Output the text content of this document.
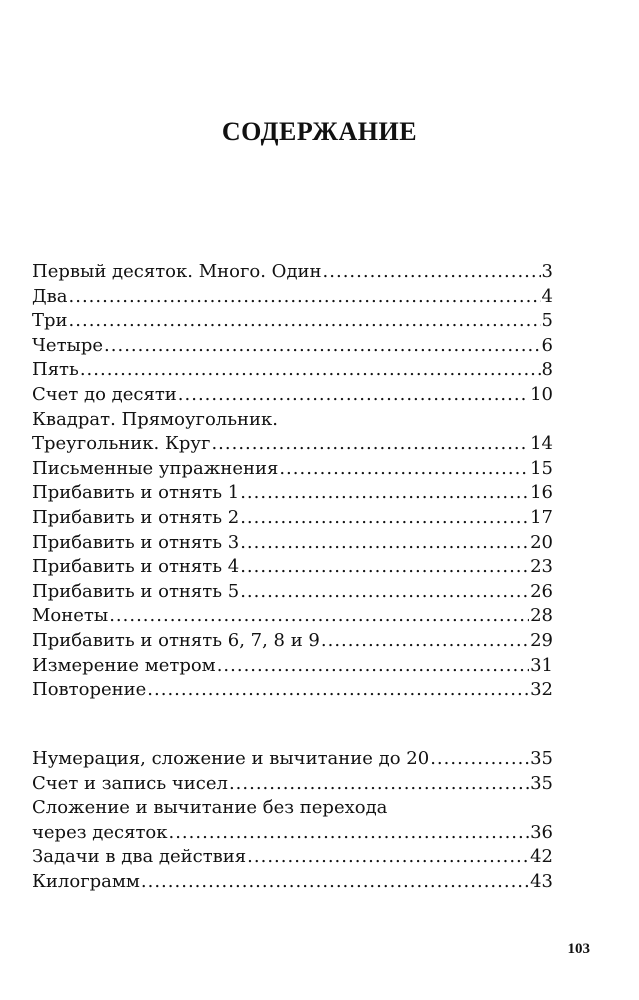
СОДЕРЖАНИЕ
Первый десяток. Много. Один .....	3
Два .....	4
Три .....	5
Четыре .....	6
Пять .....	8
Счет до десяти .....	10
Квадрат. Прямоугольник.
Треугольник. Круг .....	14
Письменные упражнения .....	15
Прибавить и отнять 1 .....	16
Прибавить и отнять 2 .....	17
Прибавить и отнять 3 .....	20
Прибавить и отнять 4 .....	23
Прибавить и отнять 5 .....	26
Монеты .....	28
Прибавить и отнять 6, 7, 8 и 9 .....	29
Измерение метром .....	31
Повторение .....	32
Нумерация, сложение и вычитание до 20 .....	35
Счет и запись чисел .....	35
Сложение и вычитание без перехода
через десяток .....	36
Задачи в два действия .....	42
Килограмм .....	43
103
